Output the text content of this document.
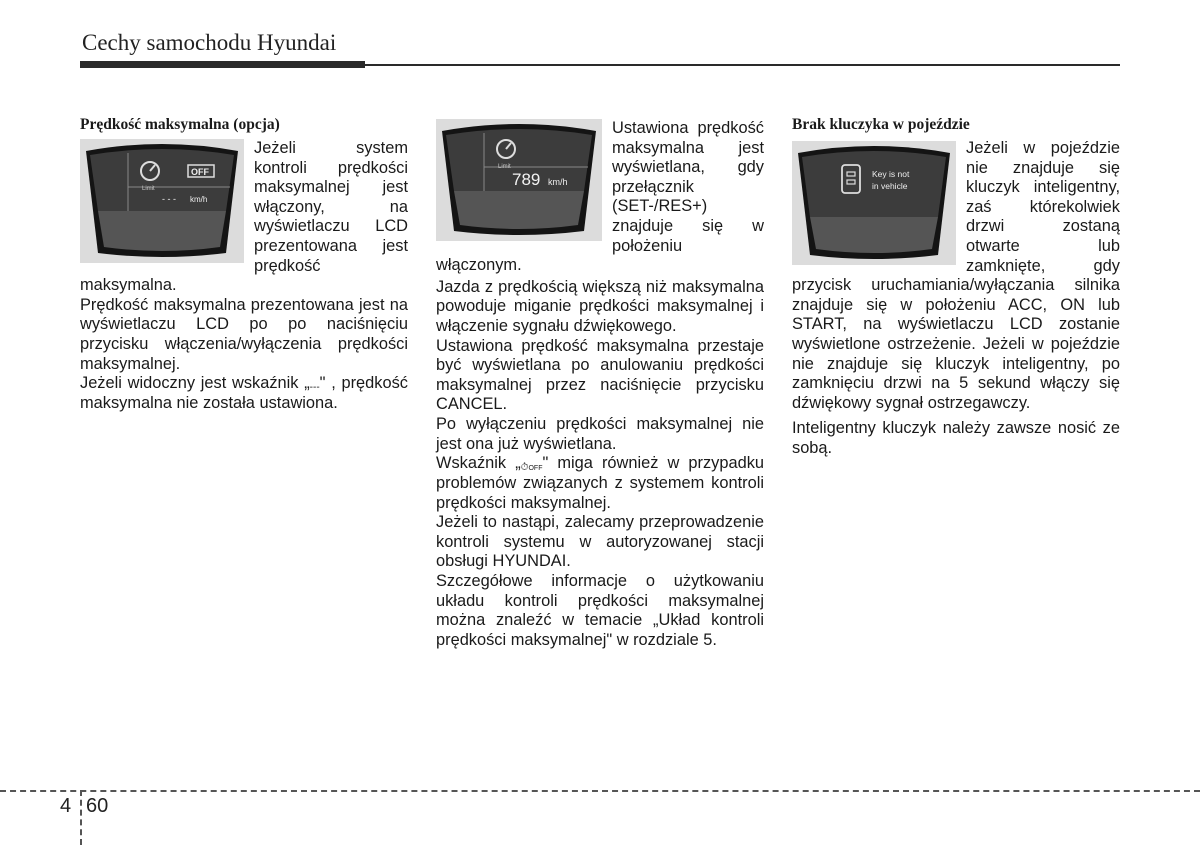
Cechy samochodu Hyundai
Prędkość maksymalna (opcja)
Limit
OFF
- - - km/h

Jeżeli system kontroli prędkości maksymalnej jest włączony, na wyświetlaczu LCD prezentowana jest prędkość maksymalna.

Prędkość maksymalna prezentowana jest na wyświetlaczu LCD po po naciśnięciu przycisku włączenia/wyłączenia prędkości maksymalnej.

Jeżeli widoczny jest wskaźnik „---" , prędkość maksymalna nie została ustawiona.

Limit
789 km/h

Ustawiona prędkość maksymalna jest wyświetlana, gdy przełącznik (SET-/RES+) znajduje się w położeniu włączonym.

Jazda z prędkością większą niż maksymalna powoduje miganie prędkości maksymalnej i włączenie sygnału dźwiękowego.

Ustawiona prędkość maksymalna przestaje być wyświetlana po anulowaniu prędkości maksymalnej przez naciśnięcie przycisku CANCEL.

Po wyłączeniu prędkości maksymalnej nie jest ona już wyświetlana.

Wskaźnik „⏱OFF" miga również w przypadku problemów związanych z systemem kontroli prędkości maksymalnej.

Jeżeli to nastąpi, zalecamy przeprowadzenie kontroli systemu w autoryzowanej stacji obsługi HYUNDAI.

Szczegółowe informacje o użytkowaniu układu kontroli prędkości maksymalnej można znaleźć w temacie „Układ kontroli prędkości maksymalnej" w rozdziale 5.

Brak kluczyka w pojeździe
Key is not
in vehicle

Jeżeli w pojeździe nie znajduje się kluczyk inteligentny, zaś którekolwiek drzwi zostaną otwarte lub zamknięte, gdy przycisk uruchamiania/wyłączania silnika znajduje się w położeniu ACC, ON lub START, na wyświetlaczu LCD zostanie wyświetlone ostrzeżenie. Jeżeli w pojeździe nie znajduje się kluczyk inteligentny, po zamknięciu drzwi na 5 sekund włączy się dźwiękowy sygnał ostrzegawczy.

Inteligentny kluczyk należy zawsze nosić ze sobą.

4 60
